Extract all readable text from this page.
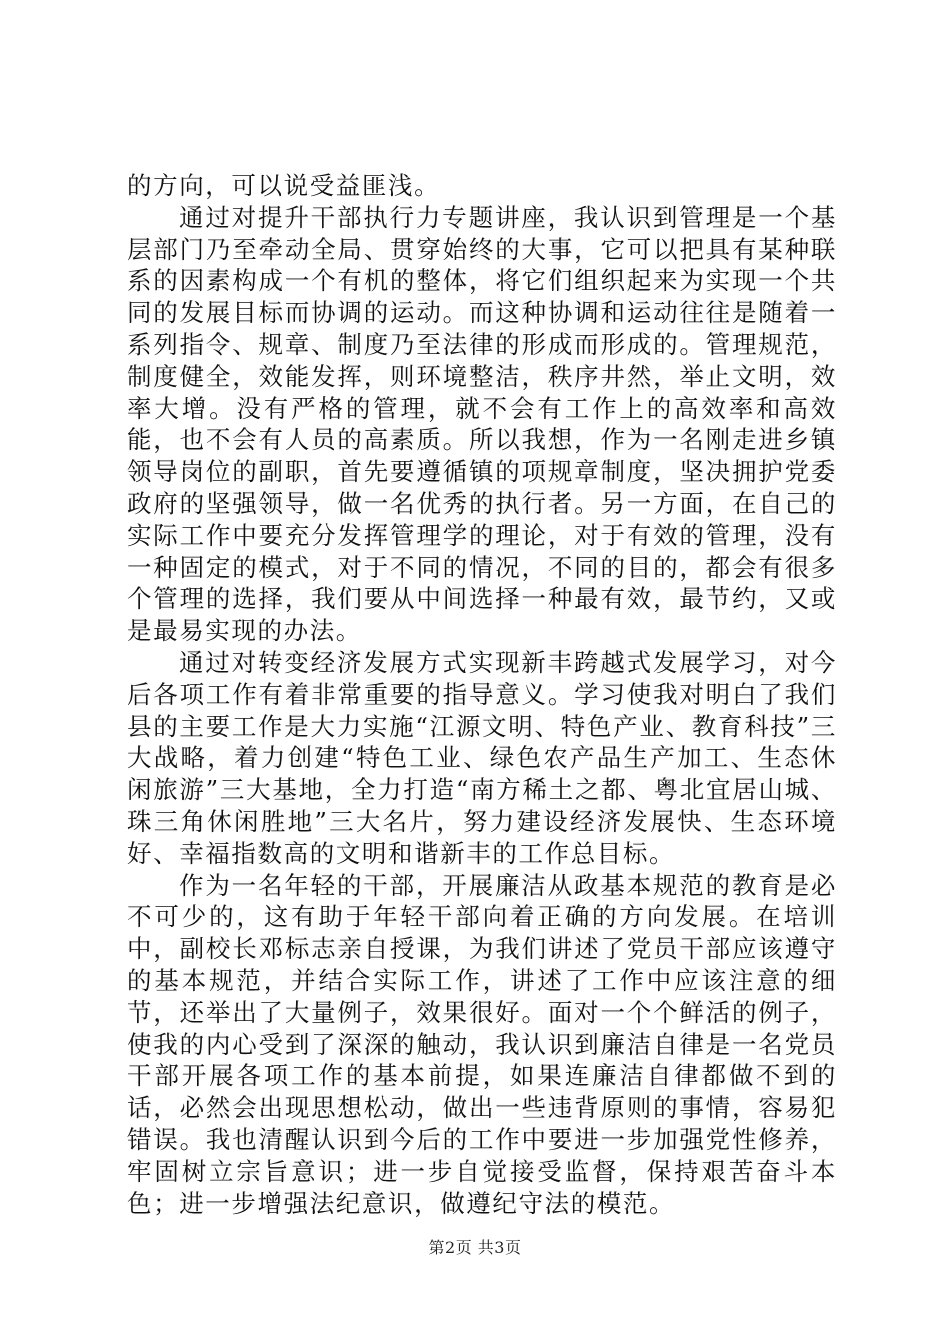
的方向，可以说受益匪浅。

通过对提升干部执行力专题讲座，我认识到管理是一个基层部门乃至牵动全局、贯穿始终的大事，它可以把具有某种联系的因素构成一个有机的整体，将它们组织起来为实现一个共同的发展目标而协调的运动。而这种协调和运动往往是随着一系列指令、规章、制度乃至法律的形成而形成的。管理规范，制度健全，效能发挥，则环境整洁，秩序井然，举止文明，效率大增。没有严格的管理，就不会有工作上的高效率和高效能，也不会有人员的高素质。所以我想，作为一名刚走进乡镇领导岗位的副职，首先要遵循镇的项规章制度，坚决拥护党委政府的坚强领导，做一名优秀的执行者。另一方面，在自己的实际工作中要充分发挥管理学的理论，对于有效的管理，没有一种固定的模式，对于不同的情况，不同的目的，都会有很多个管理的选择，我们要从中间选择一种最有效，最节约，又或是最易实现的办法。

通过对转变经济发展方式实现新丰跨越式发展学习，对今后各项工作有着非常重要的指导意义。学习使我对明白了我们县的主要工作是大力实施“江源文明、特色产业、教育科技”三大战略，着力创建“特色工业、绿色农产品生产加工、生态休闲旅游”三大基地，全力打造“南方稀土之都、粤北宜居山城、珠三角休闲胜地”三大名片，努力建设经济发展快、生态环境好、幸福指数高的文明和谐新丰的工作总目标。

作为一名年轻的干部，开展廉洁从政基本规范的教育是必不可少的，这有助于年轻干部向着正确的方向发展。在培训中，副校长邓标志亲自授课，为我们讲述了党员干部应该遵守的基本规范，并结合实际工作，讲述了工作中应该注意的细节，还举出了大量例子，效果很好。面对一个个鲜活的例子，使我的内心受到了深深的触动，我认识到廉洁自律是一名党员干部开展各项工作的基本前提，如果连廉洁自律都做不到的话，必然会出现思想松动，做出一些违背原则的事情，容易犯错误。我也清醒认识到今后的工作中要进一步加强党性修养，牢固树立宗旨意识；进一步自觉接受监督，保持艰苦奋斗本色；进一步增强法纪意识，做遵纪守法的模范。

第2页 共3页
